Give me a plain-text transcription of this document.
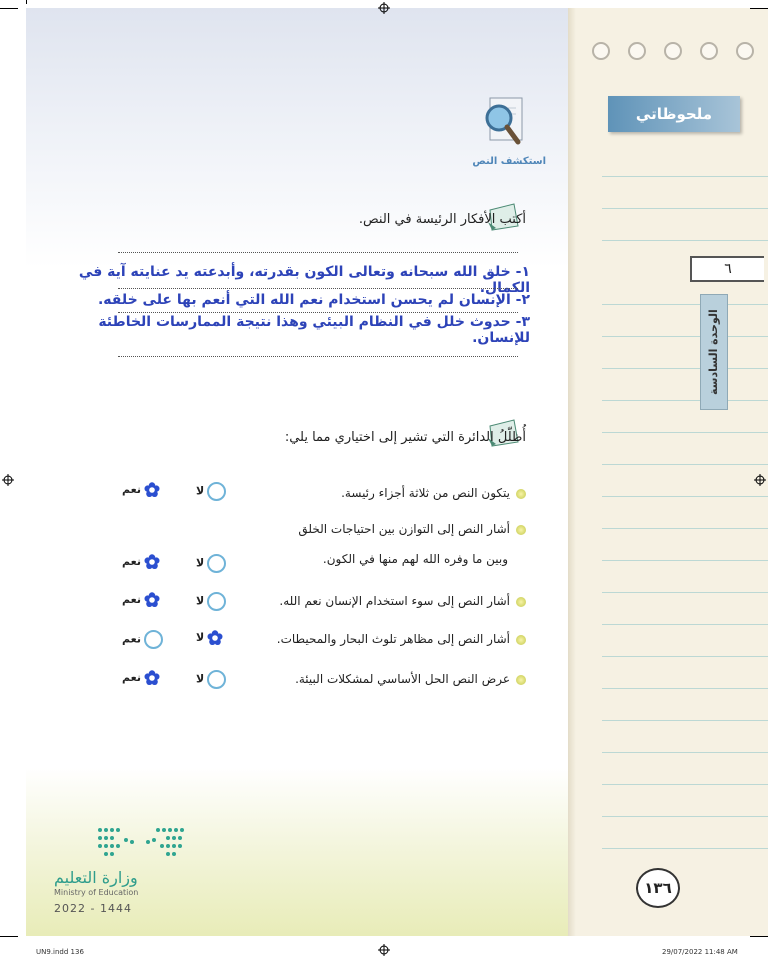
ملحوظاتي
٦
الوحدة السادسة
١٣٦
استكشف النص
أكتب الأفكار الرئيسة في النص.
١- خلق الله سبحانه وتعالى الكون بقدرته، وأبدعته يد عنايته آية في الكمال.
٢- الإنسان لم يحسن استخدام نعم الله التي أنعم بها على خلقه.
٣- حدوث خلل في النظام البيئي وهذا نتيجة الممارسات الخاطئة للإنسان.
أُظلّلُ الدائرة التي تشير إلى اختياري مما يلي:
يتكون النص من ثلاثة أجزاء رئيسة.
لا
نعم
أشار النص إلى التوازن بين احتياجات الخلق
وبين ما وفره الله لهم منها في الكون.
لا
نعم
أشار النص إلى سوء استخدام الإنسان نعم الله.
لا
نعم
أشار النص إلى مظاهر تلوث البحار والمحيطات.
لا
نعم
عرض النص الحل الأساسي لمشكلات البيئة.
لا
نعم
وزارة التعليم
Ministry of Education
2022 - 1444
UN9.indd 136	29/07/2022 11:48 AM
